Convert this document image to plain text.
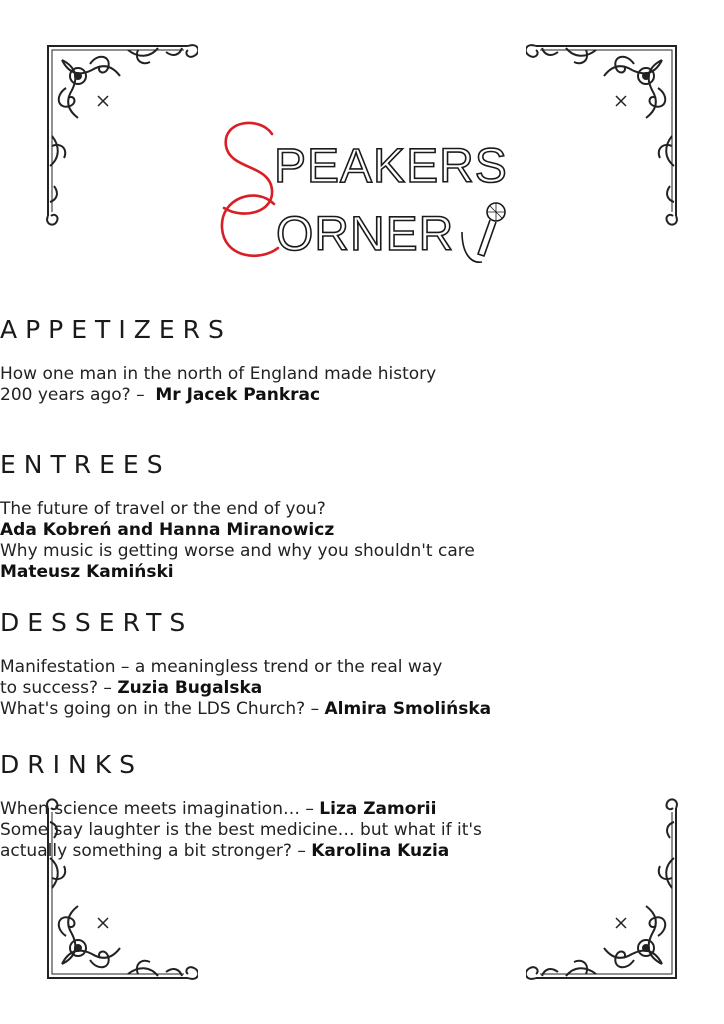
PEAKERS
ORNER
APPETIZERS
How one man in the north of England made history
200 years ago? – Mr Jacek Pankrac
ENTREES
The future of travel or the end of you?
Ada Kobreń and Hanna Miranowicz
Why music is getting worse and why you shouldn't care
Mateusz Kamiński
DESSERTS
Manifestation – a meaningless trend or the real way
to success? – Zuzia Bugalska
What's going on in the LDS Church? – Almira Smolińska
DRINKS
When science meets imagination… – Liza Zamorii
Some say laughter is the best medicine… but what if it's
actually something a bit stronger? – Karolina Kuzia
